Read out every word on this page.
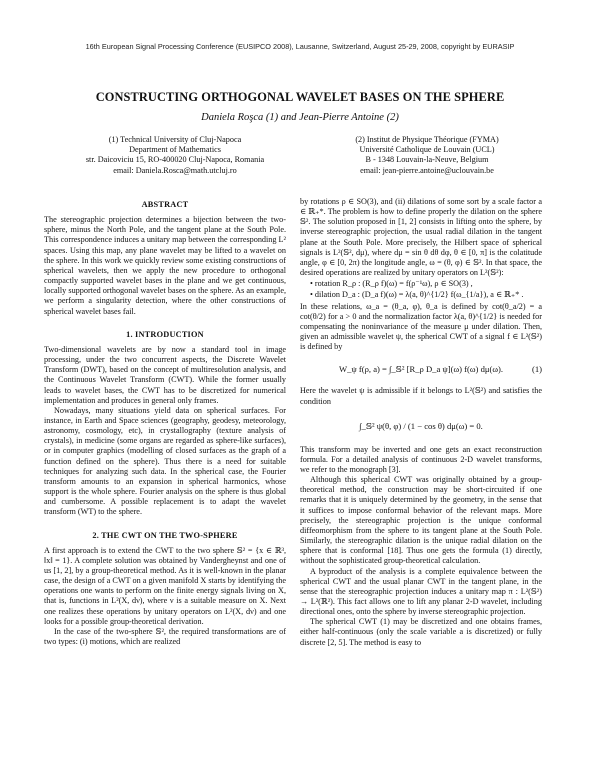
16th European Signal Processing Conference (EUSIPCO 2008), Lausanne, Switzerland, August 25-29, 2008, copyright by EURASIP
CONSTRUCTING ORTHOGONAL WAVELET BASES ON THE SPHERE
Daniela Roşca (1) and Jean-Pierre Antoine (2)
(1) Technical University of Cluj-Napoca
Department of Mathematics
str. Daicoviciu 15, RO-400020 Cluj-Napoca, Romania
email: Daniela.Rosca@math.utcluj.ro
(2) Institut de Physique Théorique (FYMA)
Université Catholique de Louvain (UCL)
B - 1348 Louvain-la-Neuve, Belgium
email: jean-pierre.antoine@uclouvain.be
ABSTRACT

The stereographic projection determines a bijection between the two-sphere, minus the North Pole, and the tangent plane at the South Pole. This correspondence induces a unitary map between the corresponding L² spaces. Using this map, any plane wavelet may be lifted to a wavelet on the sphere. In this work we quickly review some existing constructions of spherical wavelets, then we apply the new procedure to orthogonal compactly supported wavelet bases in the plane and we get continuous, locally supported orthogonal wavelet bases on the sphere. As an example, we perform a singularity detection, where the other constructions of spherical wavelet bases fail.

1. INTRODUCTION

Two-dimensional wavelets are by now a standard tool in image processing, under the two concurrent aspects, the Discrete Wavelet Transform (DWT), based on the concept of multiresolution analysis, and the Continuous Wavelet Transform (CWT). While the former usually leads to wavelet bases, the CWT has to be discretized for numerical implementation and produces in general only frames.

Nowadays, many situations yield data on spherical surfaces. For instance, in Earth and Space sciences (geography, geodesy, meteorology, astronomy, cosmology, etc), in crystallography (texture analysis of crystals), in medicine (some organs are regarded as sphere-like surfaces), or in computer graphics (modelling of closed surfaces as the graph of a function defined on the sphere). Thus there is a need for suitable techniques for analyzing such data. In the spherical case, the Fourier transform amounts to an expansion in spherical harmonics, whose support is the whole sphere. Fourier analysis on the sphere is thus global and cumbersome. A possible replacement is to adapt the wavelet transform (WT) to the sphere.

2. THE CWT ON THE TWO-SPHERE

A first approach is to extend the CWT to the two sphere 𝕊² = {x ∈ ℝ³, ‖x‖ = 1}. A complete solution was obtained by Vandergheynst and one of us [1, 2], by a group-theoretical method. As it is well-known in the planar case, the design of a CWT on a given manifold X starts by identifying the operations one wants to perform on the finite energy signals living on X, that is, functions in L²(X, dν), where ν is a suitable measure on X. Next one realizes these operations by unitary operators on L²(X, dν) and one looks for a possible group-theoretical derivation.

In the case of the two-sphere 𝕊², the required transformations are of two types: (i) motions, which are realized

by rotations ρ ∈ SO(3), and (ii) dilations of some sort by a scale factor a ∈ ℝ₊*. The problem is how to define properly the dilation on the sphere 𝕊². The solution proposed in [1, 2] consists in lifting onto the sphere, by inverse stereographic projection, the usual radial dilation in the tangent plane at the South Pole. More precisely, the Hilbert space of spherical signals is L²(𝕊², dμ), where dμ = sin θ dθ dφ, θ ∈ [0, π] is the colatitude angle, φ ∈ [0, 2π) the longitude angle, ω = (θ, φ) ∈ 𝕊². In that space, the desired operations are realized by unitary operators on L²(𝕊²):

• rotation R_ρ : (R_ρ f)(ω) = f(ρ⁻¹ω), ρ ∈ SO(3) ,
• dilation D_a : (D_a f)(ω) = λ(a, θ)^{1/2} f(ω_{1/a}), a ∈ ℝ₊* .

In these relations, ω_a = (θ_a, φ), θ_a is defined by cot(θ_a/2) = a cot(θ/2) for a > 0 and the normalization factor λ(a, θ)^{1/2} is needed for compensating the noninvariance of the measure μ under dilation. Then, given an admissible wavelet ψ, the spherical CWT of a signal f ∈ L²(𝕊²) is defined by

W_ψ f(ρ, a) = ∫_𝕊² [R_ρ D_a ψ](ω) f(ω) dμ(ω).	(1)

Here the wavelet ψ is admissible if it belongs to L²(𝕊²) and satisfies the condition

∫_𝕊² ψ(θ, φ) / (1 − cos θ) dμ(ω) = 0.

This transform may be inverted and one gets an exact reconstruction formula. For a detailed analysis of continuous 2-D wavelet transforms, we refer to the monograph [3].

Although this spherical CWT was originally obtained by a group-theoretical method, the construction may be short-circuited if one remarks that it is uniquely determined by the geometry, in the sense that it suffices to impose conformal behavior of the relevant maps. More precisely, the stereographic projection is the unique conformal diffeomorphism from the sphere to its tangent plane at the South Pole. Similarly, the stereographic dilation is the unique radial dilation on the sphere that is conformal [18]. Thus one gets the formula (1) directly, without the sophisticated group-theoretical calculation.

A byproduct of the analysis is a complete equivalence between the spherical CWT and the usual planar CWT in the tangent plane, in the sense that the stereographic projection induces a unitary map π : L²(𝕊²) → L²(ℝ²). This fact allows one to lift any planar 2-D wavelet, including directional ones, onto the sphere by inverse stereographic projection.

The spherical CWT (1) may be discretized and one obtains frames, either half-continuous (only the scale variable a is discretized) or fully discrete [2, 5]. The method is easy to
